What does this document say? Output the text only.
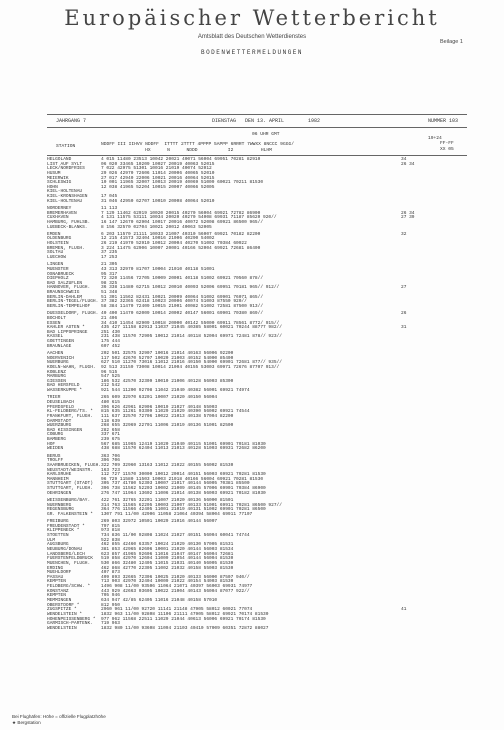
Europäischer Wetterbericht
Amtsblatt des Deutschen Wetterdienstes
BODENWETTERMELDUNGEN
Beilage 1
JAHRGANG 7	DIENSTAG   DEN 13. APRIL        1982	NUMMER 103
06 UHR GMT
19+24
STATION	NDDFF III IIHVV NDDFF  ITTTT 2TTTT 4PPPP 5APPP 6RRRT 7WWXX 8NCCC 9GGG/
HX      N      NDDD           I2          HLHM
FF-FF
XX 05
HELGOLAND	4 015 11480 23513 10042 20021 40071 56004 69951 70281 82910	34
LIST AUF SYLT	06 020 33465 10209 10027 20019 40063 52015	26 34
LECK/NORDFRIES	7 022 42975 51301 10016 21019 40074 52012
HUSUM	29 026 42970 72606 11014 20006 40065 52010
MEIERWIK	27 017 42940 22006 10021 20016 40064 52015
SCHLESWIG	10 001 11965 32007 10013 20019 40069 51009 60021 70211 81530
HOHN	12 038 41965 52204 10015 20007 40066 52005
KIEL-HOLTENAU
KIEL-KRONSHAGEN	17 045
KIEL-HOLTENAU	31 046 42950 62707 10010 20008 40064 52010
NORDERNEY	11 113
BREMERHAVEN	7 129 11462 62919 10020 20015 40270 56004 69921 72782 86900	26 34
CUXHAVEN	4 131 11575 53111 10034 20020 40270 54008 69931 71187 85620 920//	27 39
HAMBURG, FUHLSB. 16 147 12670 62904 10017 20016 40072 52008 69921 86500 965//
LUEBECK-BLANKS.	8 156 32570 02704 10021 20012 40063 52005
EMDEN	6 203 11570 21111 10033 21007 40310 56007 69921 70182 82200	32
OLDENBURG	12 215 41573 32404 10016 21006 40290 54002
HOLSTEIN	26 219 41970 52910 10012 20004 40270 51002 70384 60922
BREMEN, FLUGH.	3 224 11475 62906 10007 20001 40166 52004 69921 72681 86400
SOLTAU	37 235
LUECHOW	17 253
LINGEN	21 305
MUENSTER	43 313 32970 81707 10004 21010 40118 51001
OSNABRUECK	95 317
DIEPHOLZ	72 320 11456 72705 10009 20001 40118 51002 69921 70560 878//
BAD SALZUFLEN	98 325
HANNOVER, FLUGH. 36 338 11480 62715 10012 20010 40093 52006 69951 70181 965// 912//	27
BRAUNSCHWEIG	51 348
BERLIN-DAHLEM	51 301 11562 82431 10021 20009 40064 51002 69901 76071 865//
BERLIN-TEGEL/FLUGH. 37 382 32365 62418 10023 20006 40074 51003 87550 920//
BERLIN-TEMPELHOF 58 384 11470 72409 10015 21001 40082 51002 72581 87500 913//
DUESSELDORF, FLUGH. 40 400 11470 62009 10014 20002 40147 56001 69901 70380 869//	26
BOCHOLT	21 406
ESSEN	34 410 11454 82909 10018 20000 40142 55000 69911 78561 8772/ 915//
KAHLER ASTEN *	435 427 11158 82913 11037 21045 40385 58001 60021 70244 88777 982//	31
BAD LIPPSPRINGE	251 430
KASSEL	231 438 11570 72905 10012 21014 40118 52004 69971 72481 878// 923//
GOETTINGEN	175 444
BRAUNLAGE	607 452
AACHEN	202 501 32575 32907 10016 21014 40163 56006 92200
NOERVENICH	117 502 42670 52707 10020 21003 40152 54000 85400
NUERBURG	627 510 11270 73016 11012 21016 40150 54000 69901 72681 877// 935//
KOELN-WAHN, FLUGH. 92 513 31159 73008 10014 21004 40155 53003 69971 72676 87707 913//
KOBLENZ	96 515
MARBURG	547 525
GIESSEN	186 532 42570 32309 10010 21006 40128 56003 85300
BAD HERSFELD	212 542
WASSERKUPPE *	921 544 11200 92708 11042 21040 40382 56001 69921 74974
TRIER	265 609 32970 63201 10007 21020 40150 56004
DEUSELBACH	480 615
PFERDSFELD	396 626 42961 82906 10019 21027 40148 55003
KL-FELDBERG/TS. * 815 635 11261 93309 11029 21029 40390 56002 69921 74544
FRANKFURT, FLUGH. 111 637 32570 72706 10022 21013 40138 57004 82200
DARMSTADT	118 639
WUERZBURG	268 655 32969 22701 11006 21019 40136 51001 82500
BAD KISSINGEN	282 658
COBURG	337 671
BAMBERG	239 675
HOF	567 685 11965 12419 11020 21040 40115 51001 69901 70181 81030
WEIDEN	438 688 11570 62404 11013 21013 40128 51003 69931 72682 86200
BERUS	363 706
TROLFF	396 706
SAARBRUECKEN, FLUGH.322 709 32960 13163 11012 21022 40155 56002 81530
NEUSTADT/WEINSTR. 163 723
KARLSRUHE	112 727 11570 30000 10012 20014 40151 56003 69921 70281 81530
MANNHEIM	96 729 11580 11503 10003 21018 40166 56004 69921 70281 81530
STUTTGART (STADT) 305 737 41780 52303 10007 21017 40144 56005 70381 85500
STUTTGART, FLUGH. 396 738 11562 52203 10002 21009 40145 57006 69901 70384 86900
OEHRINGEN	276 747 11964 13602 11006 21014 40138 56003 69921 70182 81030
WEISSENBURG/BAY. 422 761 32765 32201 11007 21020 40136 56000 81501
NUERNBERG	314 763 11565 62205 10003 21007 40133 51001 69911 70281 86500 927//
REGENSBURG	364 776 11566 42405 11001 21019 40131 51002 69901 70281 86500
GR. FALKENSTEIN * 1307 791 11/00 42906 11058 21064 40394 58004 69911 77107
FREIBURG	269 803 32972 10501 10029 21016 40144 56007
FREUDENSTADT *	797 815
KLIPPENECK *	973 818
STOETTEN	734 836 11/00 92808 11024 21027 40151 56004 60041 74744
ULM	522 838
AUGSBURG	462 855 42460 63357 10024 21029 40130 57005 81531
NEUBURG/DONAU	381 853 42965 82606 10001 21020 40144 56003 81534
LANDSBERG/LECH	623 857 41965 92606 11016 21047 40147 56004 72681
FUERSTENFELDBRUCK 519 858 42970 12604 11009 21054 40144 56004 81530
MUENCHEN, FLUGH. 530 866 32480 12405 11015 21031 40140 56005 81530
ERDING	462 868 42770 22305 11002 21032 40158 55003 81530
MUEHLDORF	407 873
PASSAU	409 893 32665 72306 10025 21020 40133 56000 87507 940//
KEMPTEN	713 903 42970 32404 10009 21022 40154 54003 81530
FELDBERG/SCHW. * 1496 908 11/00 93506 11064 21071 40397 56003 69931 74977
KONSTANZ	443 929 42663 03605 10022 21004 40143 56004 87077 922//
KEMPTEN	705 946
MEMMINGEN	634 947 42/85 62405 11016 21048 40158 57010
OBERSTDORF *	812 950
ZUGSPITZE *	2960 961 11/00 92720 11141 21148 47905 58012 60021 77074	41
WENDELSTEIN *	1832 963 11/00 92808 11106 21111 47905 58012 69921 70174 81530
HOHENPEISSENBERG * 977 962 11568 22511 11029 21044 40613 56006 69921 70174 81530
GARMISCH-PARTENK. 719 963
WENDELSTEIN	1832 980 11/00 93608 11094 21103 40410 57009 60351 72872 88027
Bei Flughäfen: Höhe = offizielle Flugplatzhöhe
★ Bergstation
